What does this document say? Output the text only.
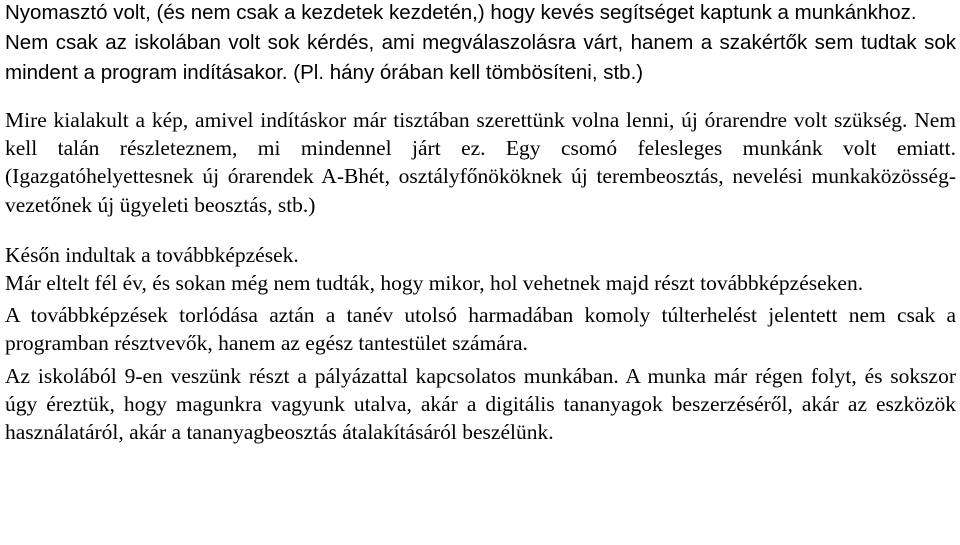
Nyomasztó volt, (és nem csak a kezdetek kezdetén,) hogy kevés segítséget kaptunk a munkánkhoz.
Nem csak az iskolában volt sok kérdés, ami megválaszolásra várt, hanem a szakértők sem tudtak sok mindent a program indításakor. (Pl. hány órában kell tömbösíteni, stb.)

Mire kialakult a kép, amivel indításkor már tisztában szerettünk volna lenni, új órarendre volt szükség. Nem kell talán részleteznem, mi mindennel járt ez. Egy csomó felesleges munkánk volt emiatt. (Igazgatóhelyettesnek új órarendek A-Bhét, osztályfőnököknek új terembeosztás, nevelési munkaközösség-vezetőnek új ügyeleti beosztás, stb.)

Későn indultak a továbbképzések.

Már eltelt fél év, és sokan még nem tudták, hogy mikor, hol vehetnek majd részt továbbképzéseken.

A továbbképzések torlódása aztán a tanév utolsó harmadában komoly túlterhelést jelentett nem csak a programban résztvevők, hanem az egész tantestület számára.

Az iskolából 9-en veszünk részt a pályázattal kapcsolatos munkában. A munka már régen folyt, és sokszor úgy éreztük, hogy magunkra vagyunk utalva, akár a digitális tananyagok beszerzéséről, akár az eszközök használatáról, akár a tananyagbeosztás átalakításáról beszélünk.
